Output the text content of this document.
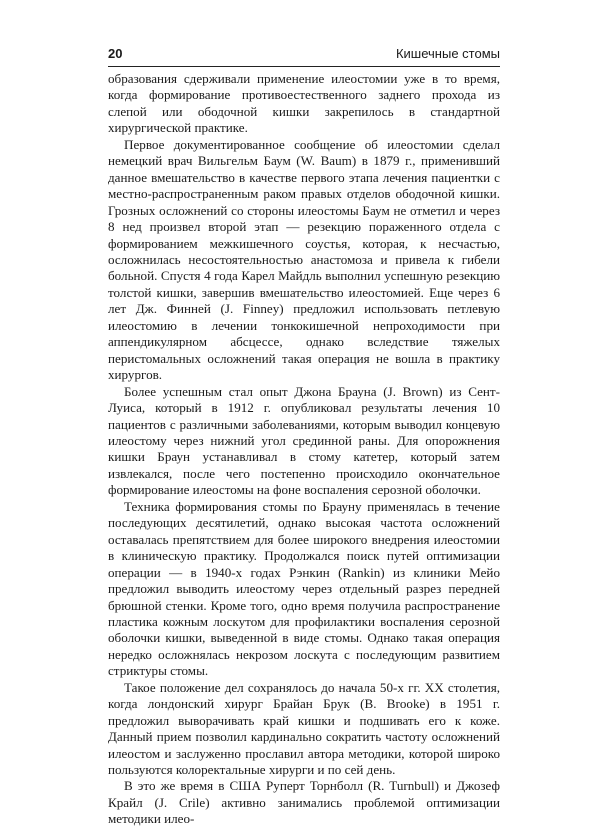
20	Кишечные стомы

образования сдерживали применение илеостомии уже в то время, когда формирование противоестественного заднего прохода из слепой или ободочной кишки закрепилось в стандартной хирургической практике.

Первое документированное сообщение об илеостомии сделал немецкий врач Вильгельм Баум (W. Baum) в 1879 г., применивший данное вмешательство в качестве первого этапа лечения пациентки с местно-распространенным раком правых отделов ободочной кишки. Грозных осложнений со стороны илеостомы Баум не отметил и через 8 нед произвел второй этап — резекцию пораженного отдела с формированием межкишечного соустья, которая, к несчастью, осложнилась несостоятельностью анастомоза и привела к гибели больной. Спустя 4 года Карел Майдль выполнил успешную резекцию толстой кишки, завершив вмешательство илеостомией. Еще через 6 лет Дж. Финней (J. Finney) предложил использовать петлевую илеостомию в лечении тонкокишечной непроходимости при аппендикулярном абсцессе, однако вследствие тяжелых перистомальных осложнений такая операция не вошла в практику хирургов.

Более успешным стал опыт Джона Брауна (J. Brown) из Сент-Луиса, который в 1912 г. опубликовал результаты лечения 10 пациентов с различными заболеваниями, которым выводил концевую илеостому через нижний угол срединной раны. Для опорожнения кишки Браун устанавливал в стому катетер, который затем извлекался, после чего постепенно происходило окончательное формирование илеостомы на фоне воспаления серозной оболочки.

Техника формирования стомы по Брауну применялась в течение последующих десятилетий, однако высокая частота осложнений оставалась препятствием для более широкого внедрения илеостомии в клиническую практику. Продолжался поиск путей оптимизации операции — в 1940-х годах Рэнкин (Rankin) из клиники Мейо предложил выводить илеостому через отдельный разрез передней брюшной стенки. Кроме того, одно время получила распространение пластика кожным лоскутом для профилактики воспаления серозной оболочки кишки, выведенной в виде стомы. Однако такая операция нередко осложнялась некрозом лоскута с последующим развитием стриктуры стомы.

Такое положение дел сохранялось до начала 50-х гг. XX столетия, когда лондонский хирург Брайан Брук (B. Brooke) в 1951 г. предложил выворачивать край кишки и подшивать его к коже. Данный прием позволил кардинально сократить частоту осложнений илеостом и заслуженно прославил автора методики, которой широко пользуются колоректальные хирурги и по сей день.

В это же время в США Руперт Торнболл (R. Turnbull) и Джозеф Крайл (J. Crile) активно занимались проблемой оптимизации методики илео-
